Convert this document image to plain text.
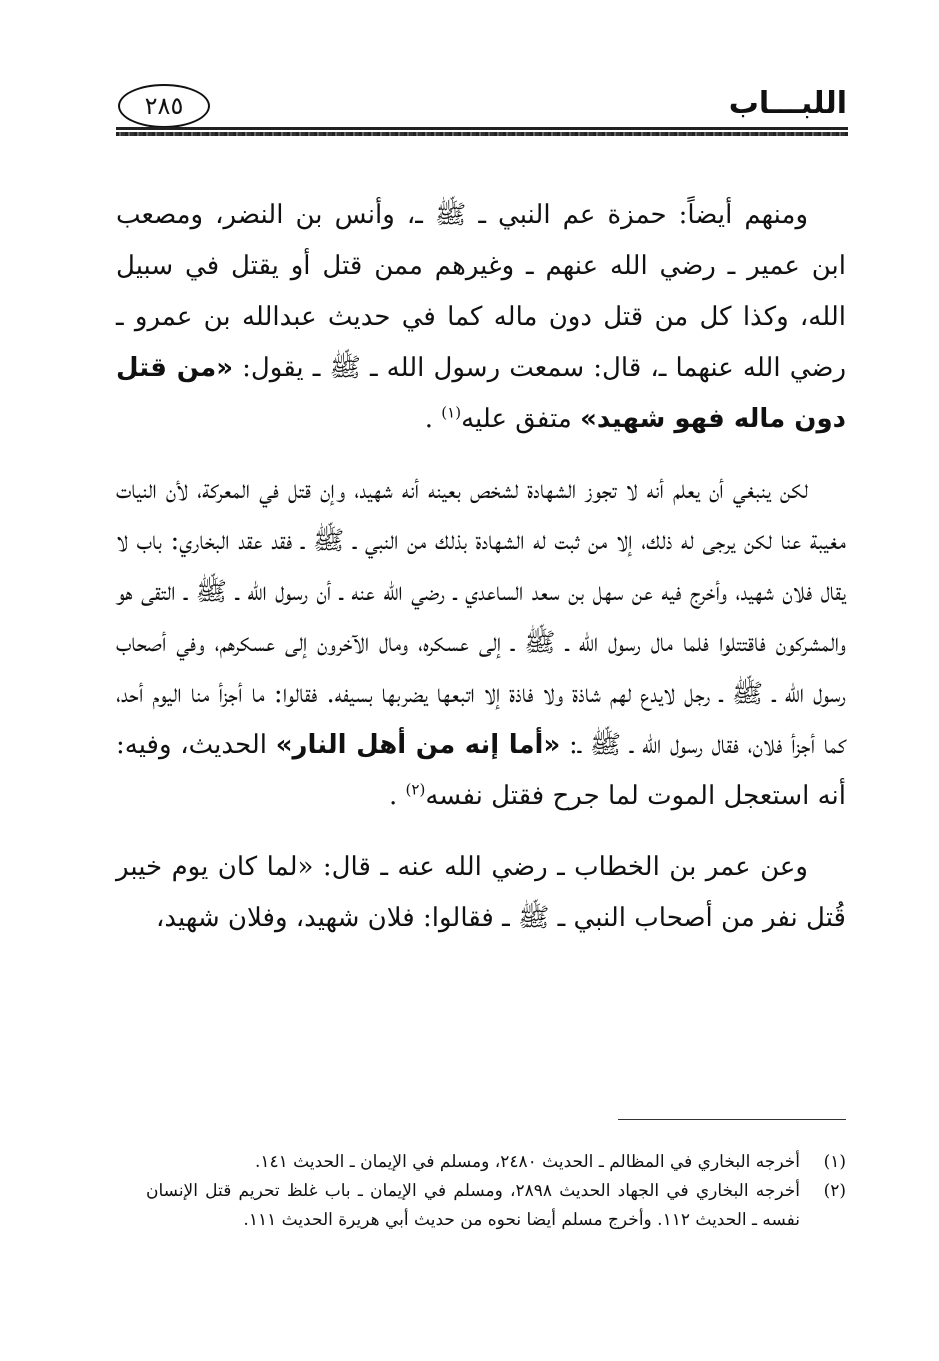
اللبـــاب
٢٨٥

ومنهم أيضاً: حمزة عم النبي ـ ﷺ ـ، وأنس بن النضر، ومصعب ابن عمير ـ رضي الله عنهم ـ وغيرهم ممن قتل أو يقتل في سبيل الله، وكذا كل من قتل دون ماله كما في حديث عبدالله بن عمرو ـ رضي الله عنهما ـ، قال: سمعت رسول الله ـ ﷺ ـ يقول: «من قتل دون ماله فهو شهيد» متفق عليه$^{(١)}$ .

لكن ينبغي أن يعلم أنه لا تجوز الشهادة لشخص بعينه أنه شهيد، وإن قتل في المعركة، لأن النيات مغيبة عنا لكن يرجى له ذلك، إلا من ثبت له الشهادة بذلك من النبي ـ ﷺ ـ فقد عقد البخاري: باب لا يقال فلان شهيد، وأخرج فيه عن سهل بن سعد الساعدي ـ رضي الله عنه ـ أن رسول الله ـ ﷺ ـ التقى هو والمشركون فاقتتلوا فلما مال رسول الله ـ ﷺ ـ إلى عسكره، ومال الآخرون إلى عسكرهم، وفي أصحاب رسول الله ـ ﷺ ـ رجل لايدع لهم شاذة ولا فاذة إلا اتبعها يضربها بسيفه. فقالوا: ما أجزأ منا اليوم أحد، كما أجزأ فلان، فقال رسول الله ـ ﷺ ـ: «أما إنه من أهل النار» الحديث، وفيه: أنه استعجل الموت لما جرح فقتل نفسه$^{(٢)}$ .

وعن عمر بن الخطاب ـ رضي الله عنه ـ قال: «لما كان يوم خيبر قُتل نفر من أصحاب النبي ـ ﷺ ـ فقالوا: فلان شهيد، وفلان شهيد،

(١)
أخرجه البخاري في المظالم ـ الحديث ٢٤٨٠، ومسلم في الإيمان ـ الحديث ١٤١.
(٢)
أخرجه البخاري في الجهاد الحديث ٢٨٩٨، ومسلم في الإيمان ـ باب غلظ تحريم قتل الإنسان نفسه ـ الحديث ١١٢. وأخرج مسلم أيضا نحوه من حديث أبي هريرة الحديث ١١١.
